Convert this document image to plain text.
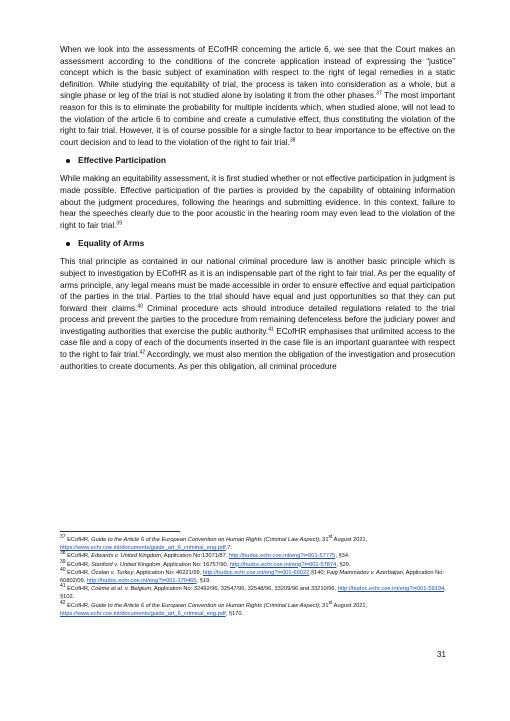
When we look into the assessments of ECofHR concerning the article 6, we see that the Court makes an assessment according to the conditions of the concrete application instead of expressing the “justice” concept which is the basic subject of examination with respect to the right of legal remedies in a static definition. While studying the equitability of trial, the process is taken into consideration as a whole, but a single phase or leg of the trial is not studied alone by isolating it from the other phases.$^{37}$ The most important reason for this is to eliminate the probability for multiple incidents which, when studied alone, will not lead to the violation of the article 6 to combine and create a cumulative effect, thus constituting the violation of the right to fair trial. However, it is of course possible for a single factor to bear importance to be effective on the court decision and to lead to the violation of the right to fair trial.$^{38}$

Effective Participation

While making an equitability assessment, it is first studied whether or not effective participation in judgment is made possible. Effective participation of the parties is provided by the capability of obtaining information about the judgment procedures, following the hearings and submitting evidence. In this context, failure to hear the speeches clearly due to the poor acoustic in the hearing room may even lead to the violation of the right to fair trial.$^{39}$

Equality of Arms

This trial principle as contained in our national criminal procedure law is another basic principle which is subject to investigation by ECofHR as it is an indispensable part of the right to fair trial. As per the equality of arms principle, any legal means must be made accessible in order to ensure effective and equal participation of the parties in the trial. Parties to the trial should have equal and just opportunities so that they can put forward their claims.$^{40}$ Criminal procedure acts should introduce detailed regulations related to the trial process and prevent the parties to the procedure from remaining defenceless before the judiciary power and investigating authorities that exercise the public authority.$^{41}$ ECofHR emphasises that unlimited access to the case file and a copy of each of the documents inserted in the case file is an important guarantee with respect to the right to fair trial.$^{42}$ Accordingly, we must also mention the obligation of the investigation and prosecution authorities to create documents. As per this obligation, all criminal procedure

$^{37}$ ECofHR, Guide to the Article 6 of the European Convention on Human Rights (Criminal Law Aspect), 31st August 2021, https://www.echr.coe.int/documents/guide_art_6_criminal_eng.pdf,7.

$^{38}$ ECofHR, Edwards v. United Kingdom, Application No:13071/87, http://hudoc.echr.coe.int/eng?i=001-57775, §34.

$^{39}$ ECofHR, Stanford v. United Kingdom, Application No: 16757/90, http://hudoc.echr.coe.int/eng?i=001-57874, §29.

$^{40}$ ECofHR, Öcalan v. Turkey, Application No: 46221/99, http://hudoc.echr.coe.int/eng?i=001-69022,§140; Faig Mammadov v. Azerbaijan, Application No: 60802/09, http://hudoc.echr.coe.int/eng?i=001-170465, §19.

$^{41}$ ECofHR, Coëme et al. v. Belgium, Application No: 32492/96, 32547/96, 32548/96, 33209/96 and 33210/96, http://hudoc.echr.coe.int/eng?i=001-59194, §102.

$^{42}$ ECofHR, Guide to the Article 6 of the European Convention on Human Rights (Criminal Law Aspect), 31st August 2021, https://www.echr.coe.int/documents/guide_art_6_criminal_eng.pdf, §170.

31
